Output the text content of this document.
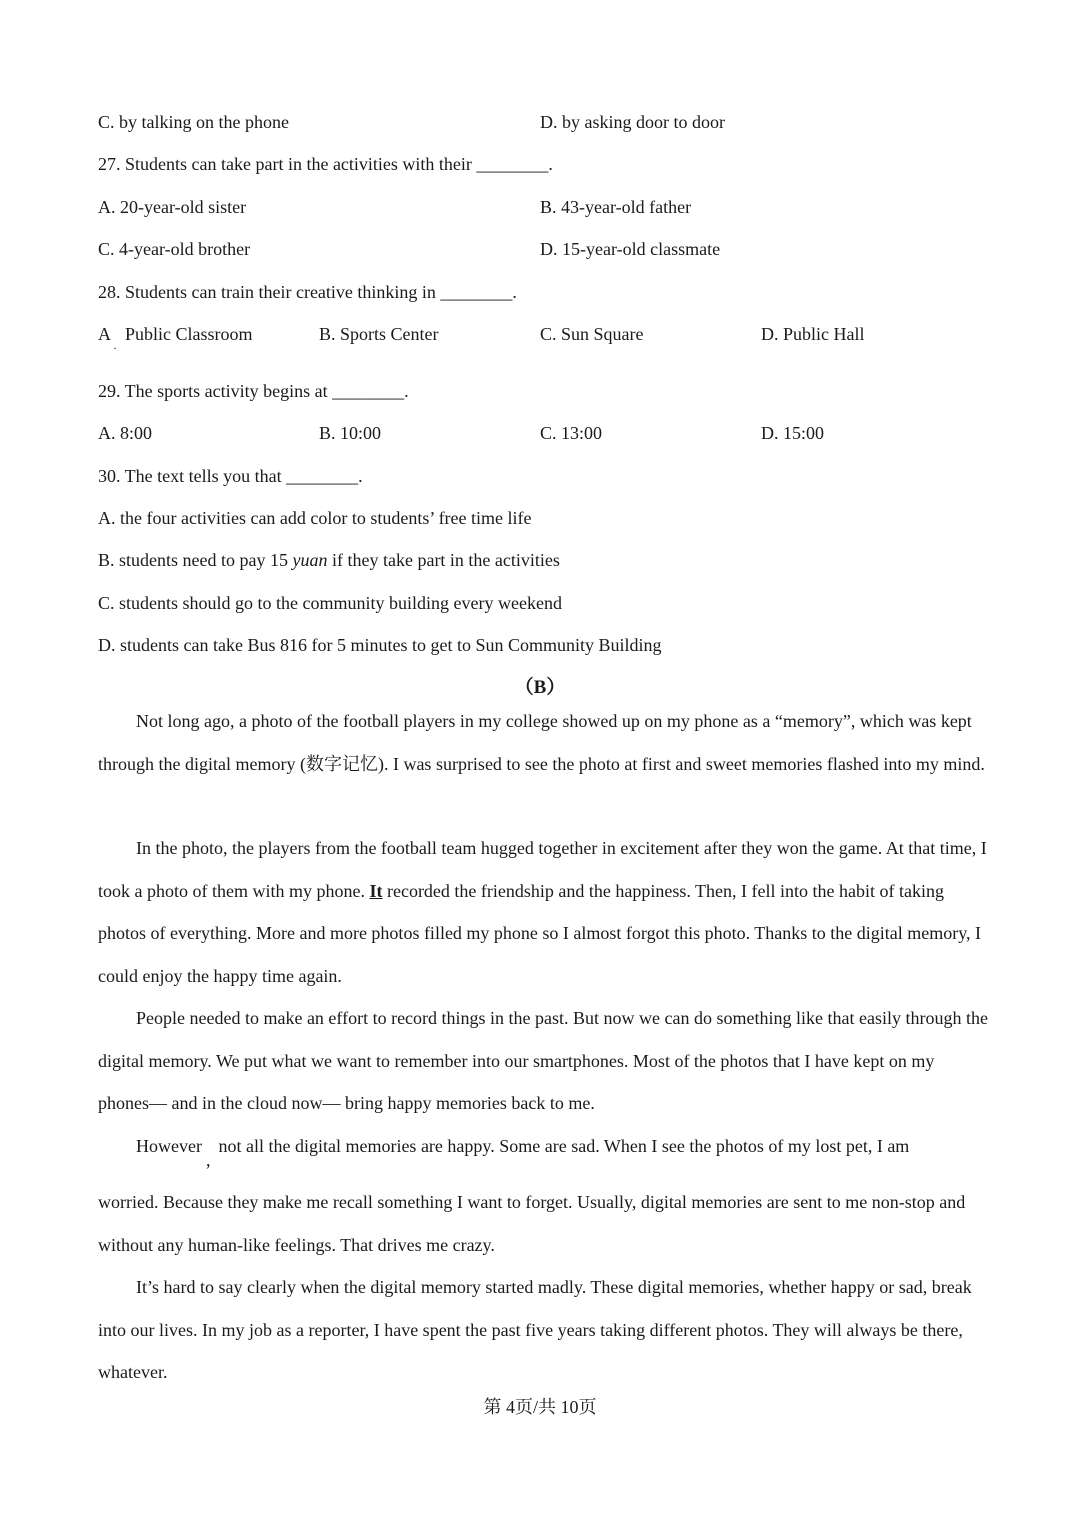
C. by talking on the phone	D. by asking door to door
27. Students can take part in the activities with their ________.
A. 20-year-old sister	B. 43-year-old father
C. 4-year-old brother	D. 15-year-old classmate
28. Students can train their creative thinking in ________.
A Public Classroom
·
B. Sports Center	C. Sun Square	D. Public Hall
29. The sports activity begins at ________.
A. 8:00	B. 10:00	C. 13:00	D. 15:00
30. The text tells you that ________.
A. the four activities can add color to students’ free time life
B. students need to pay 15 yuan if they take part in the activities
C. students should go to the community building every weekend
D. students can take Bus 816 for 5 minutes to get to Sun Community Building
（B）
Not long ago, a photo of the football players in my college showed up on my phone as a “memory”, which was kept through the digital memory (数字记忆). I was surprised to see the photo at first and sweet memories flashed into my mind.
In the photo, the players from the football team hugged together in excitement after they won the game. At that time, I took a photo of them with my phone. It recorded the friendship and the happiness. Then, I fell into the habit of taking photos of everything. More and more photos filled my phone so I almost forgot this photo. Thanks to the digital memory, I could enjoy the happy time again.
People needed to make an effort to record things in the past. But now we can do something like that easily through the digital memory. We put what we want to remember into our smartphones. Most of the photos that I have kept on my phones— and in the cloud now— bring happy memories back to me.
However,not all the digital memories are happy. Some are sad. When I see the photos of my lost pet, I am
worried. Because they make me recall something I want to forget. Usually, digital memories are sent to me non-stop and without any human-like feelings. That drives me crazy.
It’s hard to say clearly when the digital memory started madly. These digital memories, whether happy or sad, break into our lives. In my job as a reporter, I have spent the past five years taking different photos. They will always be there, whatever.
第 4页/共 10页
